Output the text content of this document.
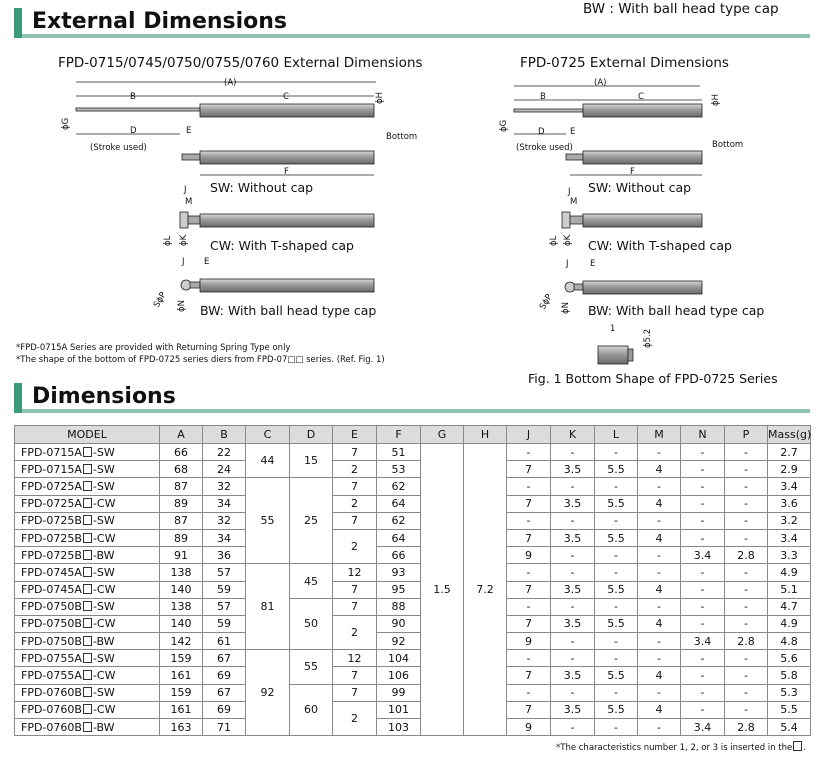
BW : With ball head type cap
External Dimensions
FPD-0715/0745/0750/0755/0760 External Dimensions	FPD-0725 External Dimensions
(A)
B	C	ϕH
ϕG
D	E
(Stroke used)
Bottom
F
J
M
ϕL ϕK
J E
SϕP ϕN
(A)
B	C	ϕH
ϕG	D	E
(Stroke used)	Bottom
F
J
M
ϕL ϕK
J	E
SϕP ϕN
1	ϕ5.2
SW: Without cap
CW: With T-shaped cap
BW: With ball head type cap
SW: Without cap
CW: With T-shaped cap
BW: With ball head type cap
Fig. 1 Bottom Shape of FPD-0725 Series
*FPD-0715A Series are provided with Returning Spring Type only
*The shape of the bottom of FPD-0725 series diers from FPD-07□□ series. (Ref. Fig. 1)
Dimensions
MODEL	A	B	C	D	E	F	G	H	J	K	L	M	N	P	Mass(g)
FPD-0715A -SW	66	22	44	15	7	51	1.5	7.2	-	-	-	-	-	-	2.7
FPD-0715A -SW	68	24			2	53			7	3.5	5.5	4	-	-	2.9
FPD-0725A -SW	87	32	55	25	7	62			-	-	-	-	-	-	3.4
FPD-0725A -CW	89	34			2	64			7	3.5	5.5	4	-	-	3.6
FPD-0725B -SW	87	32			7	62			-	-	-	-	-	-	3.2
FPD-0725B -CW	89	34			2	64			7	3.5	5.5	4	-	-	3.4
FPD-0725B -BW	91	36				66			9	-	-	-	3.4	2.8	3.3
FPD-0745A -SW	138	57	81	45	12	93			-	-	-	-	-	-	4.9
FPD-0745A -CW	140	59			7	95			7	3.5	5.5	4	-	-	5.1
FPD-0750B -SW	138	57		50	7	88			-	-	-	-	-	-	4.7
FPD-0750B -CW	140	59			2	90			7	3.5	5.5	4	-	-	4.9
FPD-0750B -BW	142	61				92			9	-	-	-	3.4	2.8	4.8
FPD-0755A -SW	159	67	92	55	12	104			-	-	-	-	-	-	5.6
FPD-0755A -CW	161	69			7	106			7	3.5	5.5	4	-	-	5.8
FPD-0760B -SW	159	67		60	7	99			-	-	-	-	-	-	5.3
FPD-0760B -CW	161	69			2	101			7	3.5	5.5	4	-	-	5.5
FPD-0760B -BW	163	71				103			9	-	-	-	3.4	2.8	5.4
*The characteristics number 1, 2, or 3 is inserted in the .
